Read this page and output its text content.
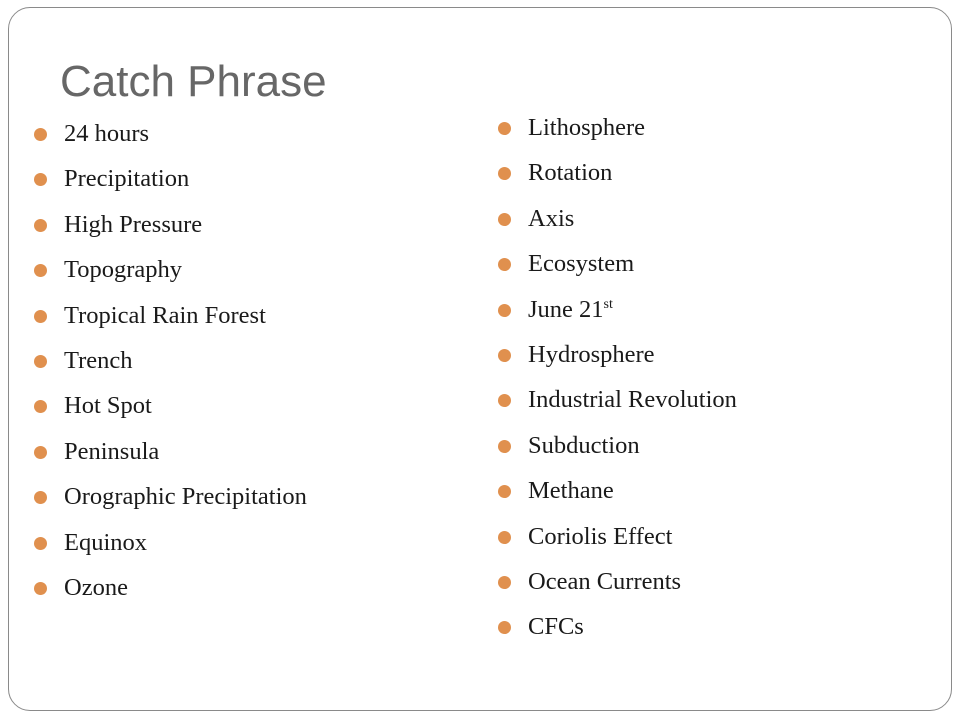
Catch Phrase
24 hours
Precipitation
High Pressure
Topography
Tropical Rain Forest
Trench
Hot Spot
Peninsula
Orographic Precipitation
Equinox
Ozone
Lithosphere
Rotation
Axis
Ecosystem
June 21st
Hydrosphere
Industrial Revolution
Subduction
Methane
Coriolis Effect
Ocean Currents
CFCs
